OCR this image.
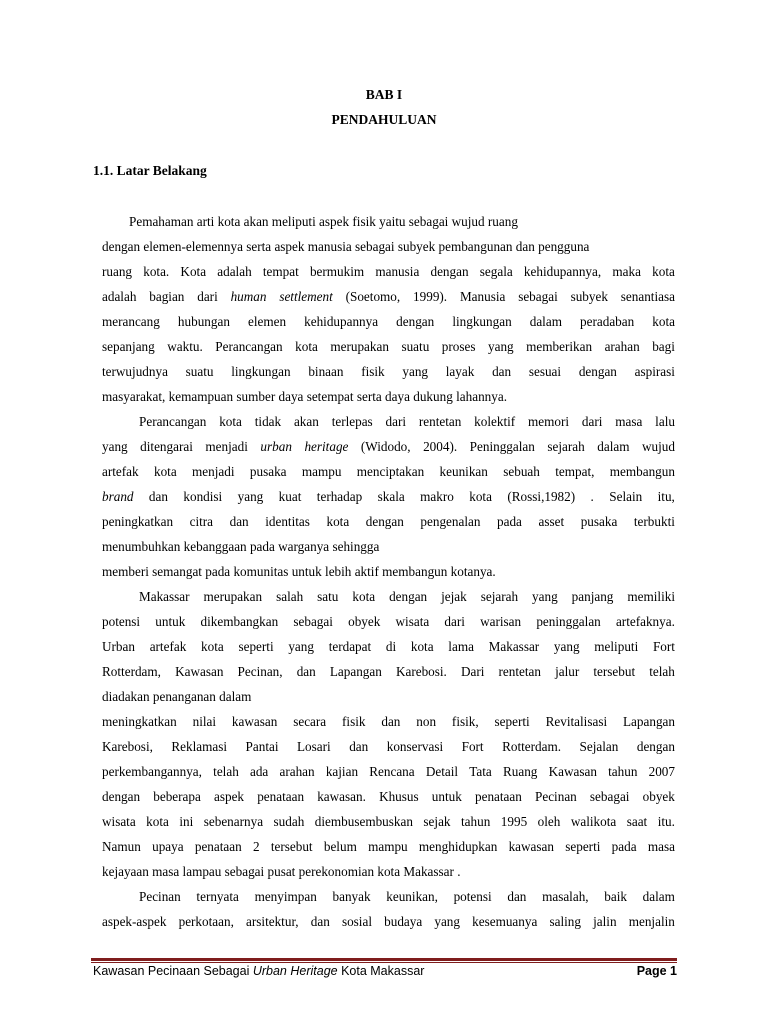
BAB I
PENDAHULUAN
1.1. Latar Belakang
Pemahaman arti kota akan meliputi aspek fisik yaitu sebagai wujud ruang
dengan elemen-elemennya serta aspek manusia sebagai subyek pembangunan dan pengguna
ruang kota. Kota adalah tempat bermukim manusia dengan segala kehidupannya, maka kota
adalah bagian dari human settlement (Soetomo, 1999). Manusia sebagai subyek senantiasa
merancang hubungan elemen kehidupannya dengan lingkungan dalam peradaban kota
sepanjang waktu. Perancangan kota merupakan suatu proses yang memberikan arahan bagi
terwujudnya suatu lingkungan binaan fisik yang layak dan sesuai dengan aspirasi
masyarakat, kemampuan sumber daya setempat serta daya dukung lahannya.
Perancangan kota tidak akan terlepas dari rentetan kolektif memori dari masa lalu
yang ditengarai menjadi urban heritage (Widodo, 2004). Peninggalan sejarah dalam wujud
artefak kota menjadi pusaka mampu menciptakan keunikan sebuah tempat, membangun
brand dan kondisi yang kuat terhadap skala makro kota (Rossi,1982) . Selain itu,
peningkatkan citra dan identitas kota dengan pengenalan pada asset pusaka terbukti
menumbuhkan kebanggaan pada warganya sehingga
memberi semangat pada komunitas untuk lebih aktif membangun kotanya.
Makassar merupakan salah satu kota dengan jejak sejarah yang panjang memiliki
potensi untuk dikembangkan sebagai obyek wisata dari warisan peninggalan artefaknya.
Urban artefak kota seperti yang terdapat di kota lama Makassar yang meliputi Fort
Rotterdam, Kawasan Pecinan, dan Lapangan Karebosi. Dari rentetan jalur tersebut telah
diadakan penanganan dalam
meningkatkan nilai kawasan secara fisik dan non fisik, seperti Revitalisasi Lapangan
Karebosi, Reklamasi Pantai Losari dan konservasi Fort Rotterdam. Sejalan dengan
perkembangannya, telah ada arahan kajian Rencana Detail Tata Ruang Kawasan tahun 2007
dengan beberapa aspek penataan kawasan. Khusus untuk penataan Pecinan sebagai obyek
wisata kota ini sebenarnya sudah diembusembuskan sejak tahun 1995 oleh walikota saat itu.
Namun upaya penataan 2 tersebut belum mampu menghidupkan kawasan seperti pada masa
kejayaan masa lampau sebagai pusat perekonomian kota Makassar .
Pecinan ternyata menyimpan banyak keunikan, potensi dan masalah, baik dalam
aspek-aspek perkotaan, arsitektur, dan sosial budaya yang kesemuanya saling jalin menjalin
Kawasan Pecinaan Sebagai Urban Heritage Kota Makassar	Page 1
